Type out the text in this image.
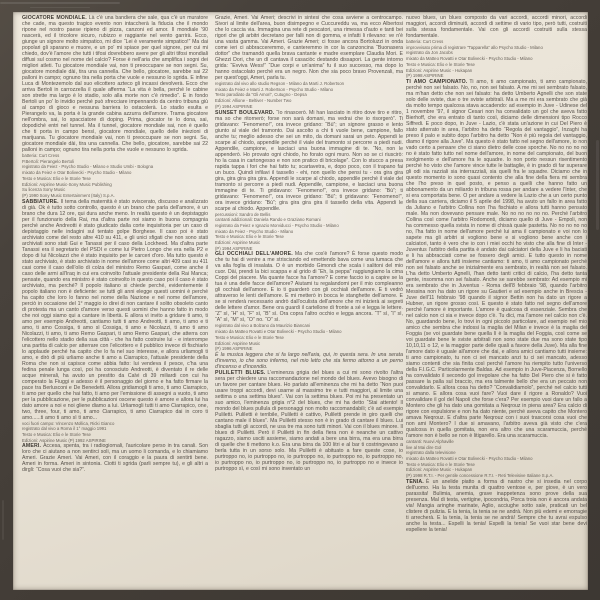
GIOCATORE MONDIALE. Là c'è una bandiera che sale, qua c'è un muratore che cade, ma questo tragico evento non intaccherà la fiducia che il mondo ripone nel nostro paese ripieno di pizza, canzoni ed amor. Il mondiale '90 nascerà, ed il tricolore sicuro, rubizzo e raggiante nel vento garrirà. Ecco, giunge un signore molto simpatico, mi dice “Lei è veramente simpatico!” Ma dai popolari gli sparano e muore, e un po' mi spiace per quel signore, per cui mi chiedo, dov'è l'amore che tutti i tifosi dovrebbero avere per gli altri tifosi mondiali diffusi sul cosmo nel nome del calcio? Forse è nell'aria che amplifica i sogni dei migliori atleti. Tu giocatore mondiale vai, non ti preoccupare se non segni. Su, giocatore mondiale dài, tira una cannella. Che bello, giocatore, sarebbe sai 22 palloni in campo; ognuno tira nella porta che vuole e nessuno lo sgrida. E infine Luca di Montezemolo dal suo elicottero azteco gli incassi devolverà. Ecco che arriva Bertoli in carrozzella il quale afferma “La vita è bella, perché le cabine son strette ma largo è lo stadio, solo alla morte non c'è rimedio”. E in fondo Bertoli un po' lo invidio perché può sfrecciare impennando da centro tribuna giù al campo di gioco e nessuna barriera lo ostacolerà. Lo stadio esulta e Pierangelo va, la porta è la grande cabina azzurra dell'amore. Trama giocatore nell'ombra, sai, lo spacciatore di doping. Prima, giocator te lo dona, sai, dopodiché entri nel tunnel. Ma il tunnel, giocatore mondiale sai, non è quello che ti porta in campo bensì, giocatore mondiale, quello delle iniezioni di marijuana. Tu giocatore mondiale vai, non ti preoccupare se non segni. Su, giocatore mondiale dài, tira una cannella. Che bello, giocatore, sarebbe sai 22 palloni in campo; ognuno tira nella porta che vuole e nessuno lo sgrida.

batteria: Curt Cress
P.Bertoli: Pierangelo Bertoli
registrato da Feiez - Psycho Studio - Milano e Studio Umbi - Bologna
mixato da Feiez e Otar Bolivecki - Psycho Studio - Milano
Testo e Musica: Elio e le Storie Tese
Edizioni: Aspirine Music-Sony Music Publishing
Su licenza Sony Music
(P) 1990 Sony Music Entertainment (Italy) S.p.A.

SABBIATURE. Il tema della maternità è stato sviscerato, discusso e analizzato di già. Ok è tutto sotto controllo, questo è un brano che parla dell'amore, è un brano che dura 12 ore, qui dura anche meno. In realtà questo è un depistaggio per il funzionario della Rai, ma d'altra parte noi siamo in buona compagnia perché anche Andreotti è stato giudicato dalla corte inquisitoria per un caso di depistaggio nelle indagini sul tentato golpe Borghese. Il caso poi è stato archiviato come del resto altre 410 su 411, e gli unici sfigati che non sono stati archiviati sono stati Gui e Tanassi per il caso della Lockheed. Ma d'altra parte Tanassi era il segretario del PSDI e come lui Pietro Longo che era nella P2 e dopo di lui Nicolazzi che è stato inquisito per le carceri d'oro. Ma tutto questo è stato archiviato, è stato archiviato in nome dell'amore come altri 409 casi su 411 casi come il caso dell'olio di colza del ministro Remo Gaspari, come anche il caso delle armi all'Iraq in cui era coinvolto l'attuale presidente della Rai Manca; pensate, quando era ministro è stato coinvolto in questo caso poi il caso è stato archiviato, ma perché? Il popolo italiano si chiede perché, evidentemente il popolo italiano non è deficiente: se tutti gli anni elegge questi uomini è perché ha capito che loro lo fanno nel nome della Nazione e nel nome dell'amore, perciò in occasione del 1° maggio io direi di non cantare il solito obsoleto canto di protesta ma un canto d'amore verso questi uomini che hanno fatto in modo che noi oggi siamo qui a cantare in libertà. E allora vi invito a gridare ti amo, ti amo per esempio Andreotti, cantiamo tutti ti amo Andreotti, ti amo, ti amo e ti amo, ti amo Cossiga, ti amo sì Cossiga, ti amo e Nicolazzi, ti amo ti amo Nicolazzi, ti amo, ti amo Remo Gaspari, ti amo Remo Gaspari, che atterra con l'elicottero nello stadio della sua città - che ha fatto costruire lui - e interrompe una partita di calcio per atterrare con l'elicottero e il pubblico invece di fischiarlo lo applaude perché ha capito che lo fa nel suo interesse, e allora urliamogli ti amo, e dirò di più urliamo anche ti amo a Ciarrapico, l'attuale presidente della Roma che non si capisce come abbia fatto: lui vendeva il pesce, c'ha una fedina penale lunga così, poi ha conosciuto Andreotti, è diventato il re delle acque minerali, ha avuto un prestito da Calvi di 39 miliardi con cui ha comperato la Fiuggi e adesso è il personaggio del giorno e ha fatto firmare la pace tra Berlusconi e De Benedetti. Allora gridiamogli ti amo, ti amo Ciarrapico, ti amo per quello che hai fatto, ti amo per l'emissione di assegni a vuoto, ti amo per la pubblicazione, per le pubblicazioni oscene questo è amore e allora lui ha dato amore a noi e noi gliene diamo a lui. Urliamogli tutti ti amo Ciarrapico, one, two, three, four, ti amo, ti amo Ciarrapico, ti amo Ciarrapico dai in coro ti amo......ti amo ti amo sì ti amo...

voci fuori campo: Vincenzo Mollica, Ricki Gianco
registrato dal vivo a Roma il 1° maggio 1991
Testo e Musica: Elio e le Storie Tese
Edizioni: Aspirine Music (P) 1992 ASPIRINE

AMERI. Accesa, spenta, tra i radiogiornali, l'auricolare perso in tra canali. Son loro che ci aiutano a non sentirci soli, ma un uomo li comanda, e lo chiamiamo Ameri. Grazie Ameri. Vai Ameri, con il coraggio e la paura di sentirti bene. Ameri in forma. Ameri in sintonia. Ciotti ti sgrida (parli sempre tu), e gli altri a dirgli: “Cosa vuoi che sia?”.

Grazie, Ameri. Vai Ameri; descrivi in sintesi che cosa avviene a centrocampo. Sivori al limite dell'area, buon disimpegno e Cuccureddu va, ma ecco Albertosi che lo caccia via. Immagina una rete di pescatori, una rimessa d'auto e tanti bei rigori che gli arbitri decretano per falli non di gomma, e infatti li rilevano: ve n'è una vasta gamma. Vai Ameri. Grazie Ameri; ci fosse ancora Bortoluzzi in onda come ieri ci abbracceremmo, e canteremmo in cor la canzoncina “Buonasera dottor” che tramandò quella brava cantante e madre esemplare Claudia Mori. E Ghezzi Dori, che un dì cantava il casaciòc destando dissapori. La gente intorno grida: “Evviva Wess!” “Due corpi e un'anima” fu il suo successo, ma dopo lo hanno ostacolato perché era un negro. Non che sia poco bravo Provenzali, ma per quest'oggi, Ameri, parla tu.

registrato dal vivo allo studio Regson - Milano da Marti J. Robertson
mixato da Feiez e Marti J. Robertson - Psycho Studio - Milano
Testo parodiato da “Gli Amori”, Cutugno - Depsa
Edizioni: Allione - Beltiver - Number Two
(P) 1994 ASPIRINE

SUNSET BOULEVARD. “Io rinascerò. Mi han lasciato in ritiro dove tiro e ritiro, ma so che ritornerò; forse non sarà domani, ma vedrai che io risorgerò”. Ti gridavano: “Fenomeno!”, ora invece gridano: “Bù”; un signore grasso e lento giunto al viale del tramonto. Dai ascolto a chi ti vuole bene, campione, fallo anche tu; meglio adesso che sei un mito, da domani sarai un peto. Appendi le scarpe al chiodo, appendile perché il viale del tramonto si percorre a piedi nudi. Appendile, campione, e lasciaci una buona immagine di te. “No, non le appenderò. Ho provato ogni chiodo, ho forato ogni muro. Non so se ci riuscirò: ho la casa in cartongesso e non son pratico di bricolage”. Con lo stucco a presa rapida tappa i fori che hai fatto tu; scartavetra, e, dopo poco, con il trapano fai un buco. Quindi infilavi il tassello - ehi, non quello che pensi tu - ora gira gira gira, gira gira gira gira. Appendi le scarpe al chiodo, appendile perché il viale del tramonto si percorre a piedi nudi. Appendile, campione, e lasciaci una buona immagine di te. Ti gridavano: “Fenomeno!”, ora invece gridano: “Bù”; ti gridavano: “Fenomeno!”, ora invece gridano: “Bù”; ti gridavano: “Fenomeno!”, ora invece gridano: “Bù”; gira gira gira gira il tassello della vita. Appendi le scarpe al chiodo. Appendile.

percussioni: Sandro de Bellis
cantanti addizionali: Daniela Rando e Graziano Romani
registrato da Feiez e Ignazio Morviducci - Psycho Studio - Milano
mixato da Feiez - Psycho Studio - Milano
Testo e Musica: Elio e le Storie Tese
Edizioni: Aspirine Music
(P) 1994 ASPIRINE

GLI OCCHIALI DELL'AMORE. Ma che cos'è l'amore? È forse questo modo che tu hai di venire a me strisciando ed emettendo bava come una lumaca che va alla foglia di insalata. O è un morbido Gimondi che scala i salitoni del mio cuor. Dài, prendi la bici scappa e al grido di “Eh, la peppa” raggiungiamo la cima Coppi del piacere. Ma quante facce ha l'amore? E come faccio io a capire se la tua è una delle facce dell'amore? Aiutami tu regalandomi per il mio compleanno gli occhiali dell'amore. E io ti guarderò con gli occhiali dell'amore. E ti vedrò attraverso le lenti dell'amore. E mi metterò in bocca le stanghette dell'amore. E se si renderà necessario andrò dall'oculista dell'amore che mi inizierà ai segreti delle lettere d'amor. Bene ora guardi il cartellone di fronte a sé e legga le lettere. “Z” sì, “H” sì, “F” sì, “B” sì. Ora copra l'altro occhio e legga ancora. “T” sì, “I” sì, “A” sì, “M” sì, “O” no. “O” sì.

registrato dal vivo a Bolzano da Maurizio Biancani
mixato da Matteo Rovatti e Otar Bolivecki - Psycho Studio - Milano
Testo e Musica: Elio e le Storie Tese
Edizioni: Aspirine Music
(P) 1996 ASPIRINE

È la musica leggera che si fa largo nell'aria, qui, in questa sera. In una serata d'inverno, io che sono infermo, nel mio letto che sta fermo attorno a un perno d'incenso e d'incendio.

PULILETTI BLUES. L'eminenza grigia del blues a cui mi sono rivolto l'altra sera per chiedere una raccomandazione nel mondo del blues. Avevo bisogno di un favore per cantare blues. Ho parlato all'eminenza che mi ha detto “Non puoi usare troppi accordi, devi usarne al massimo tre e tutti maggiori, al limite una settima o una settima blues”. Vai con la settima blues. Poi mi ha presentato un suo amico, l'eminenza grigia n°2 del blues, che mi ha detto “Stai attento! Il mondo del blues pullula di personaggi non molto raccomandabili; c'è ad esempio Puliletti. Puliletti è terribile, Puliletti è cattivo, Puliletti prende in giro quelli che cantano male il blues”. Ma Puliletti stesso non è in grado di cantare il blues. Lui sbaglia tutti gli accordi, ne usa tre ma sono tutti minori. Vai con il blues minore. Il blues di Puliletti. Però il Puliletti in fin della fiera non è neanche un cattivo ragazzo, siamo usciti assieme, siamo andati a bere una birra, ma era una birra di quelle che ti mettono k.o. Era una birra da 100 litri e al bar ti costringevano a berla tutta in un sorso solo. Ma Puliletti è abituato a fare queste cose, io purtroppo no, io purtroppo no, io purtroppo no, io purtroppo no, io purtroppo no, io purtroppo no, io purtroppo no, io purtroppo no, io purtroppo no e invece io purtroppo sì, e così mi sono inventato un

nuovo blues, un blues composto da vari accordi, accordi minori, accordi maggiori, accordi diminuiti, accordi di settime di vario tipo, però tutti, costruiti sulla stessa fondamentale. Vai con gli accordi costruiti sulla stessa fondamentale.

batteria: Curt Cress
improvvisato prima di registrare “Tapparella” allo Psycho Studio - Milano
registrato da Jon Jacobs
mixato da Matteo Rovatti e Otar Bolivecki - Psycho Studio - Milano
Testo e Musica: Elio e le Storie Tese
Edizioni: Aspirine Music - Hukapan
(P) 1998 ASPIRINE

TI AMO CAMPIONATO. Ti amo, ti amo campionato, ti amo campionato, perché non sei falsato. No, no, non sei falsato. A me mi sei sembrato falsato, ma m'han detto che non sei falsato: ha detto Umberto Agnelli che son state solo delle sviste, due o tre sviste arbitrali. Ma a me mi era sembrato che già da molto tempo qualcosa stava accadendo: ad esempio in Juve - Udinese del 1 novembre '97, il signor Cesari non ha convalidato un gol che aveva fatto Bierhoff, che era entrato di tanto così, diciamo delle dimensioni tipo Rocco Siffredi. E poco dopo, in Juve - Lazio, c'è stata un'azione in cui Del Piero è stato atterrato in area, l'arbitro ha detto “Regola del vantaggio”, Inzaghi ha preso il palo e subito dopo l'arbitro ha detto “Non è più regola del vantaggio, diamo il rigore alla Juve”. Ma questo è stato fatto nel segno dell'amore, io non vado certo a pensare che ci siano dietro delle cose sporche. No no no no no no è stato fatto tutto nel nome dell'amore, in nome del campionato, del buon svolgimento e dell'amore fra le squadre. Io non porto nessun risentimento perché ho visto che l'amore vince tutte le battaglie, è in grado di far superare gli odi sia razziali sia interrazziali, sia quelli fra le squadre. Diciamo che in questo momento io sono quasi contento che alla fine della fiera mi sembra che l'ho preso in quel posto, e penso a quelli che hanno fatto un abbonamento da un miliardo in tribuna rossa per andare a vedere l'Inter, che si era comportata bene. O per andare a vedere la Lazio che a un certo punto della sua carriera, diciamo il 5 aprile del 1998, ha avuto un fallo in area fatto da Juliano e l'arbitro Collina non l'ha fischiato e allora tutti hanno pensato male. Ma non dovevano pensare male. No no no no no no. Perché l'arbitro Collina così come l'arbitro Rodomonti, diciamo quello di Juve - Empoli, non ha commesso quella svista in nome di chissà quale pastetta. No no no no no no, l'ha fatto in nome dell'amore perché lui ama il campionato e voi non lo sapete ma gli arbitri si vogliono bene e si vogliono bene anche con i calciatori, tanto è vero che io con i miei occhi ho visto che alla fine di Inter - Juventus l'arbitro della partita è andato dai calciatori della Juve e li ha baciati e li ha abbracciati come se fossero degli amici. E tutto questo in nome dell'amore e allora tutti insieme cantiamo: ti amo, ti amo campionato perché non sei falsato anche se inizialmente era sembrato, in realtà non sei falsato. L'ha detto Umberto Agnelli, l'han detto tanti critici di calcio, l'ha detto tanta gente, insomma non sei falsato. Anche se sarebbe sembrato: Ad esempio mi era sembrato che in Juventus - Roma dell'8 febbraio '98, quando l'arbitro Messina non ha dato un rigore su Gautieri e ad esempio anche in Brescia - Juve dell'11 febbraio '98 quando il signor Bettin non ha dato un rigore a Hubner, un rigore grosso così. E questo è stato fatto nel segno dell'amore perché l'amore è importante. L'amore è qualcosa di essenziale. Sembra che nel calcio non ci sia e invece dopo c'è. Tu dici, ma l'amore nel calcio non c'è. No, guardando bene, lo trovi in ogni piccolo particolare, ad esempio nel mio amico che sembra che indossi la maglia del Milan e invece è la maglia del Foggia (se voi guardate bene quella lì è la maglia del Foggia, così come se voi guardate bene le sviste arbitrali non sono state due ma sono state tipo 10,10,11 o 12, e la maggior parte delle quali a favore della Juve). Ma alla fine l'amore dato è uguale all'amore che dai, e allora amici cantiamo tutti insieme: ti amo campionato, tu non ci sei mancato anzi tu ci sei mancato, adesso siamo contenti che sia finita così perché l'amore ha riempito tutto l'universo della F.I.G.C. Particolarmente Baldas. Ad esempio in Juve-Piacenza, Bornello ha convalidato il secondo gol irregolare che ha fatto Del Piero che si è fatto passare la palla sul braccio, ma era talmente bello che era un peccato non convalidarlo. E allora cosa ha detto? “Convalidiamolo”, perché nel calcio tutti si amano. E allora cosa vuoi fare? Vuoi dare il rigore a Ronaldo? Vuoi convalidare il gol del Napoli che forse c'era? Per esempio vuoi dare un fallo a Montero che gli ha dato una gomitata a Neqrouz in piena area? Era calcio di rigore con espulsione e non ha dato niente, perché aveva capito che Montero amava Neqrouz. E d'altra parte Neqrouz con i suoi trascorsi cosa vuoi che non ami Montero? I due si amavano, l'arbitro aveva già visto che c'era qualcosa in quella gomitata, non era altro che una scaramuccia, perché l'amore non è bello se non è litigarello. Era una scaramuccia.

cantanti: Nuovi Alphaville
live al Mai dire Gol
registrato dalla televisione
mixato da Matteo Rovatti e Otar Bolivecki - Psycho Studio - Milano
Testo e Musica: Elio e le Storie Tese
Edizioni: Aspirine Music - Hukapan
(P) 1998 R.T.I. - Per gentile concessione R.T.I. - Reti Televisive Italiane S.p.A.

TENIA. È un anelide piatto a forma di nastro che si insedia nel corpo dell'uomo. Ha la testa munita di quattro ventose e, per giove, è un vero parassita! Bulimia, anemia, grave inappetenza sono prove della sua presenza. Mal di testa, vertigine, ipocondria, Porca troia non è ancora andata via! Mangia aringhe marinate, Aglio, acciughe sotto sale, praticati un bel clistere di pulizia. E la tenia, la tenia se ne andrà. Non più edemi e emorragie ti arrecherà. E la tenia, la tenia se ne andrà! Sempre che tu avrai espulso anche la testa... Espelli la tenia! Espelli la tenia! Se vuoi star bene devi espellere la tenia!
